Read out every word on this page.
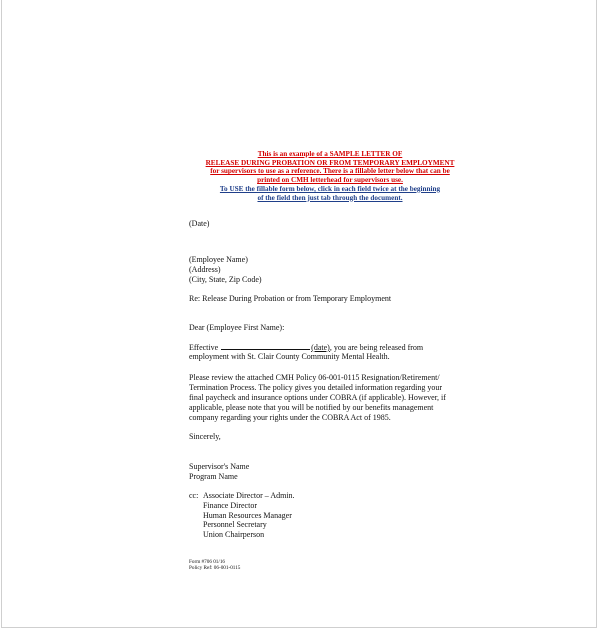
This is an example of a SAMPLE LETTER OF
RELEASE DURING PROBATION OR FROM TEMPORARY EMPLOYMENT
for supervisors to use as a reference. There is a fillable letter below that can be
printed on CMH letterhead for supervisors use.
To USE the fillable form below, click in each field twice at the beginning
of the field then just tab through the document.
(Date)
(Employee Name)
(Address)
(City, State, Zip Code)
Re: Release During Probation or from Temporary Employment
Dear (Employee First Name):
Effective	(date), you are being released from
employment with St. Clair County Community Mental Health.
Please review the attached CMH Policy 06-001-0115 Resignation/Retirement/
Termination Process. The policy gives you detailed information regarding your
final paycheck and insurance options under COBRA (if applicable). However, if
applicable, please note that you will be notified by our benefits management
company regarding your rights under the COBRA Act of 1985.
Sincerely,
Supervisor's Name
Program Name
cc: Associate Director – Admin.
Finance Director
Human Resources Manager
Personnel Secretary
Union Chairperson
Form #706 01/16
Policy Ref: 06-001-0115
